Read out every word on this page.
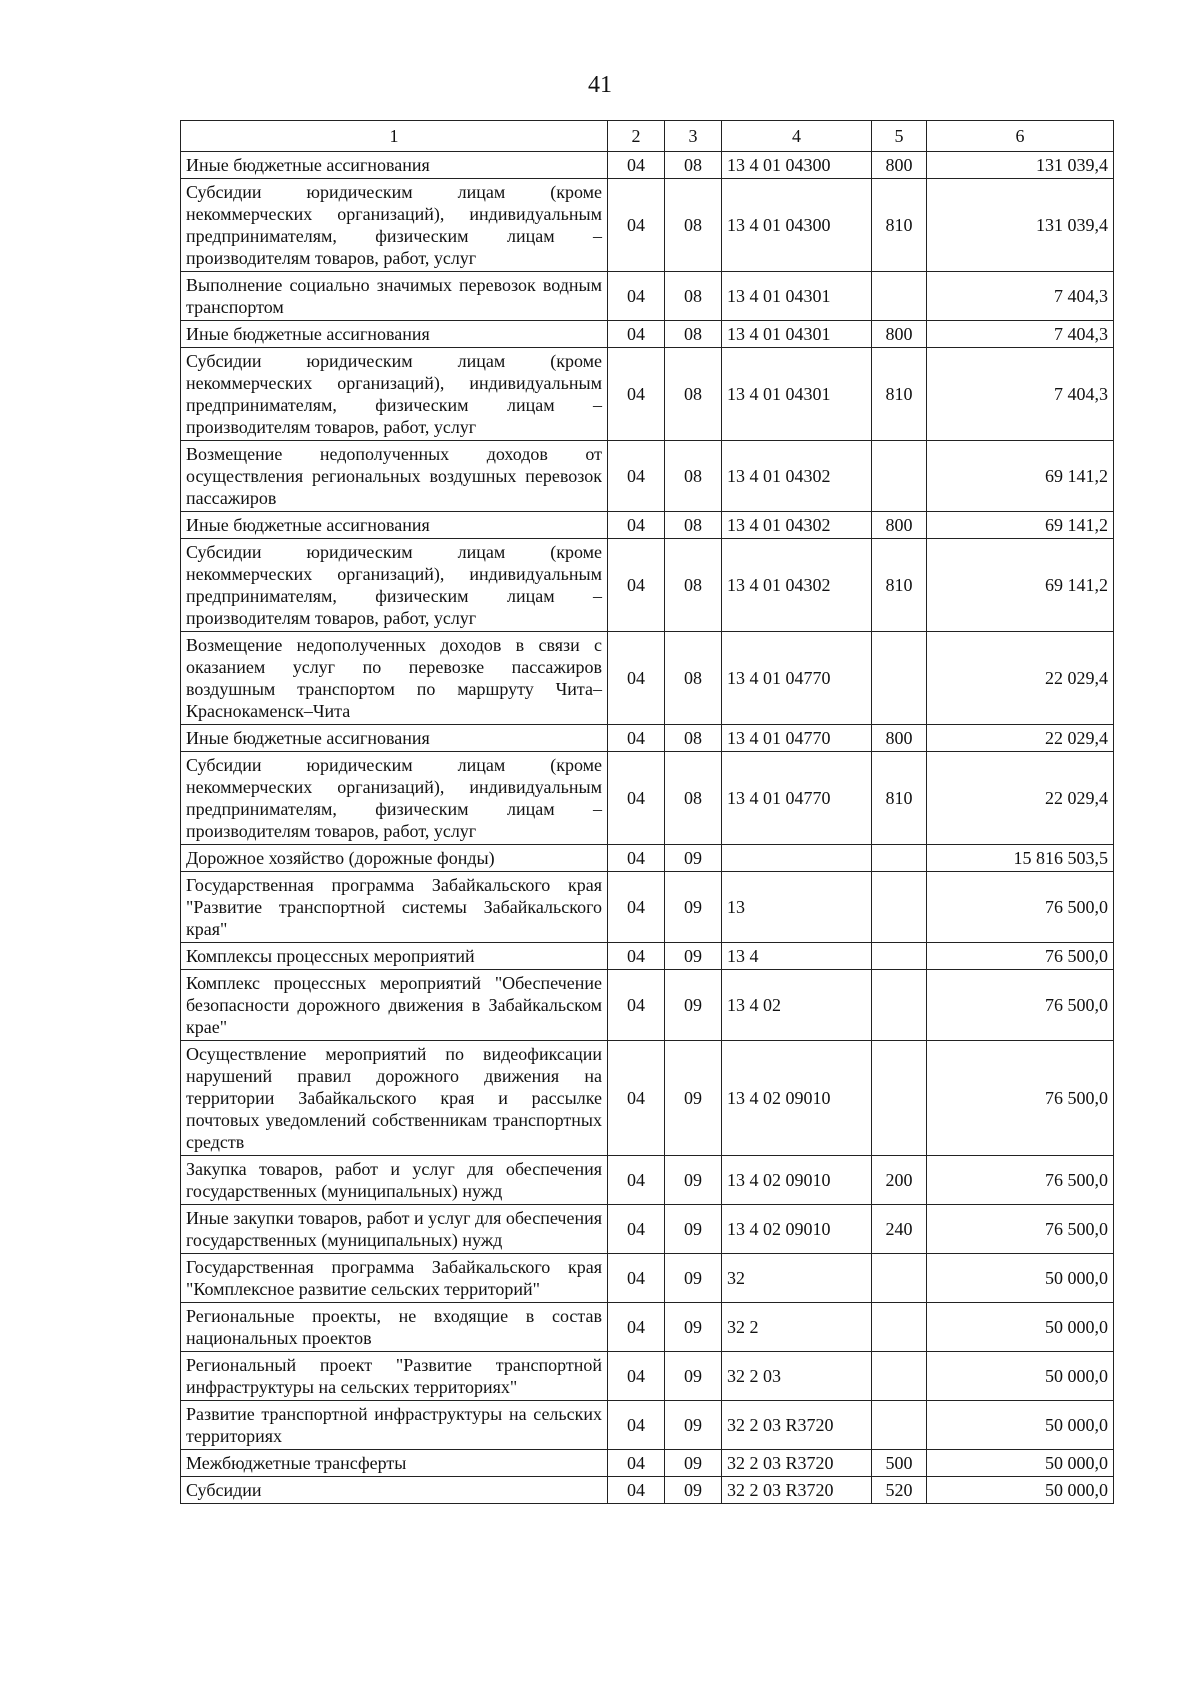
41
1	2	3	4	5	6
Иные бюджетные ассигнования	04	08	13 4 01 04300	800	131 039,4
Субсидии юридическим лицам (кроме некоммерческих организаций), индивидуальным предпринимателям, физическим лицам – производителям товаров, работ, услуг	04	08	13 4 01 04300	810	131 039,4
Выполнение социально значимых перевозок водным транспортом	04	08	13 4 01 04301		7 404,3
Иные бюджетные ассигнования	04	08	13 4 01 04301	800	7 404,3
Субсидии юридическим лицам (кроме некоммерческих организаций), индивидуальным предпринимателям, физическим лицам – производителям товаров, работ, услуг	04	08	13 4 01 04301	810	7 404,3
Возмещение недополученных доходов от осуществления региональных воздушных перевозок пассажиров	04	08	13 4 01 04302		69 141,2
Иные бюджетные ассигнования	04	08	13 4 01 04302	800	69 141,2
Субсидии юридическим лицам (кроме некоммерческих организаций), индивидуальным предпринимателям, физическим лицам – производителям товаров, работ, услуг	04	08	13 4 01 04302	810	69 141,2
Возмещение недополученных доходов в связи с оказанием услуг по перевозке пассажиров воздушным транспортом по маршруту Чита–Краснокаменск–Чита	04	08	13 4 01 04770		22 029,4
Иные бюджетные ассигнования	04	08	13 4 01 04770	800	22 029,4
Субсидии юридическим лицам (кроме некоммерческих организаций), индивидуальным предпринимателям, физическим лицам – производителям товаров, работ, услуг	04	08	13 4 01 04770	810	22 029,4
Дорожное хозяйство (дорожные фонды)	04	09			15 816 503,5
Государственная программа Забайкальского края "Развитие транспортной системы Забайкальского края"	04	09	13		76 500,0
Комплексы процессных мероприятий	04	09	13 4		76 500,0
Комплекс процессных мероприятий "Обеспечение безопасности дорожного движения в Забайкальском крае"	04	09	13 4 02		76 500,0
Осуществление мероприятий по видеофиксации нарушений правил дорожного движения на территории Забайкальского края и рассылке почтовых уведомлений собственникам транспортных средств	04	09	13 4 02 09010		76 500,0
Закупка товаров, работ и услуг для обеспечения государственных (муниципальных) нужд	04	09	13 4 02 09010	200	76 500,0
Иные закупки товаров, работ и услуг для обеспечения государственных (муниципальных) нужд	04	09	13 4 02 09010	240	76 500,0
Государственная программа Забайкальского края "Комплексное развитие сельских территорий"	04	09	32		50 000,0
Региональные проекты, не входящие в состав национальных проектов	04	09	32 2		50 000,0
Региональный проект "Развитие транспортной инфраструктуры на сельских территориях"	04	09	32 2 03		50 000,0
Развитие транспортной инфраструктуры на сельских территориях	04	09	32 2 03 R3720		50 000,0
Межбюджетные трансферты	04	09	32 2 03 R3720	500	50 000,0
Субсидии	04	09	32 2 03 R3720	520	50 000,0
